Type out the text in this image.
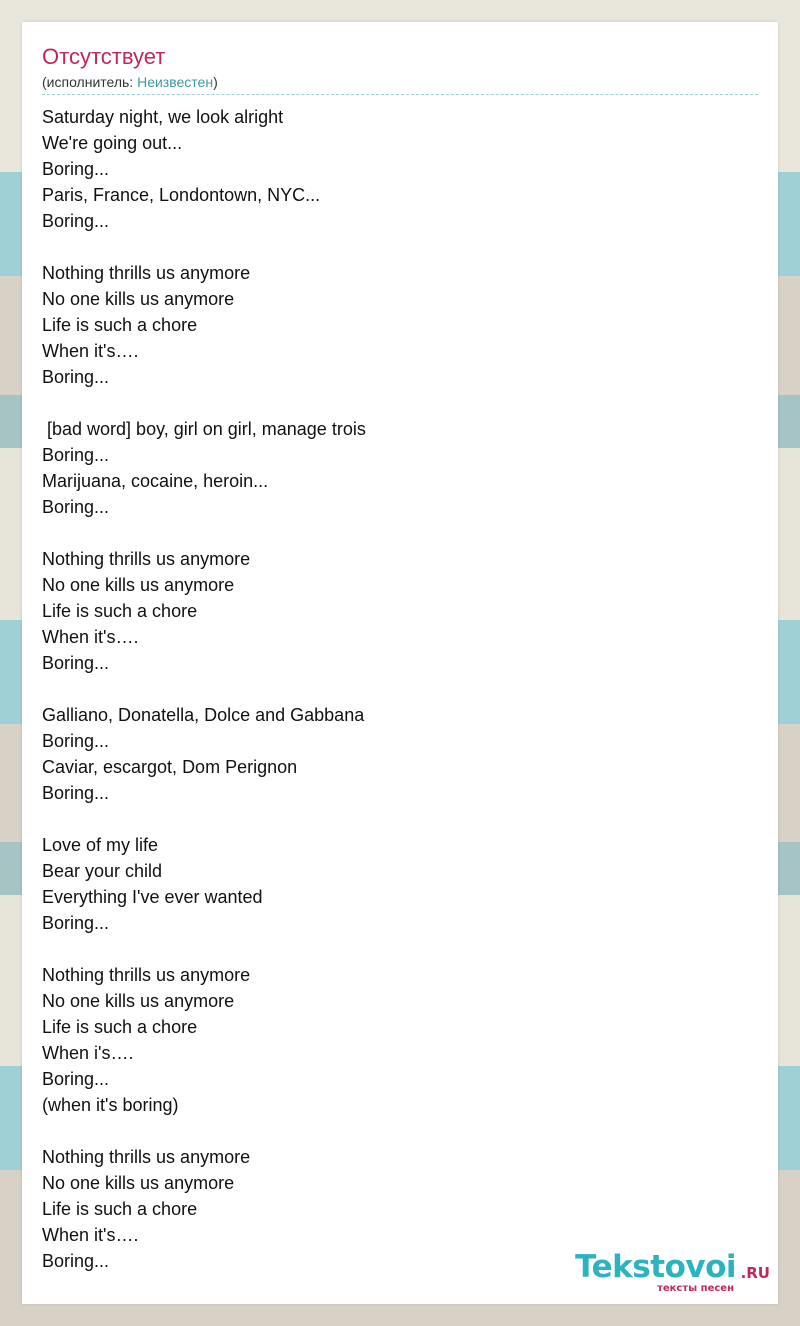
Отсутствует
(исполнитель: Неизвестен)
Saturday night, we look alright
We're going out...
Boring...
Paris, France, Londontown, NYC...
Boring...
Nothing thrills us anymore
No one kills us anymore
Life is such a chore
When it's….
Boring...
[bad word] boy, girl on girl, manage trois
Boring...
Marijuana, cocaine, heroin...
Boring...
Nothing thrills us anymore
No one kills us anymore
Life is such a chore
When it's….
Boring...
Galliano, Donatella, Dolce and Gabbana
Boring...
Caviar, escargot, Dom Perignon
Boring...
Love of my life
Bear your child
Everything I've ever wanted
Boring...
Nothing thrills us anymore
No one kills us anymore
Life is such a chore
When i's….
Boring...
(when it's boring)
Nothing thrills us anymore
No one kills us anymore
Life is such a chore
When it's….
Boring...	Tekstovoi .RU
тексты песен
